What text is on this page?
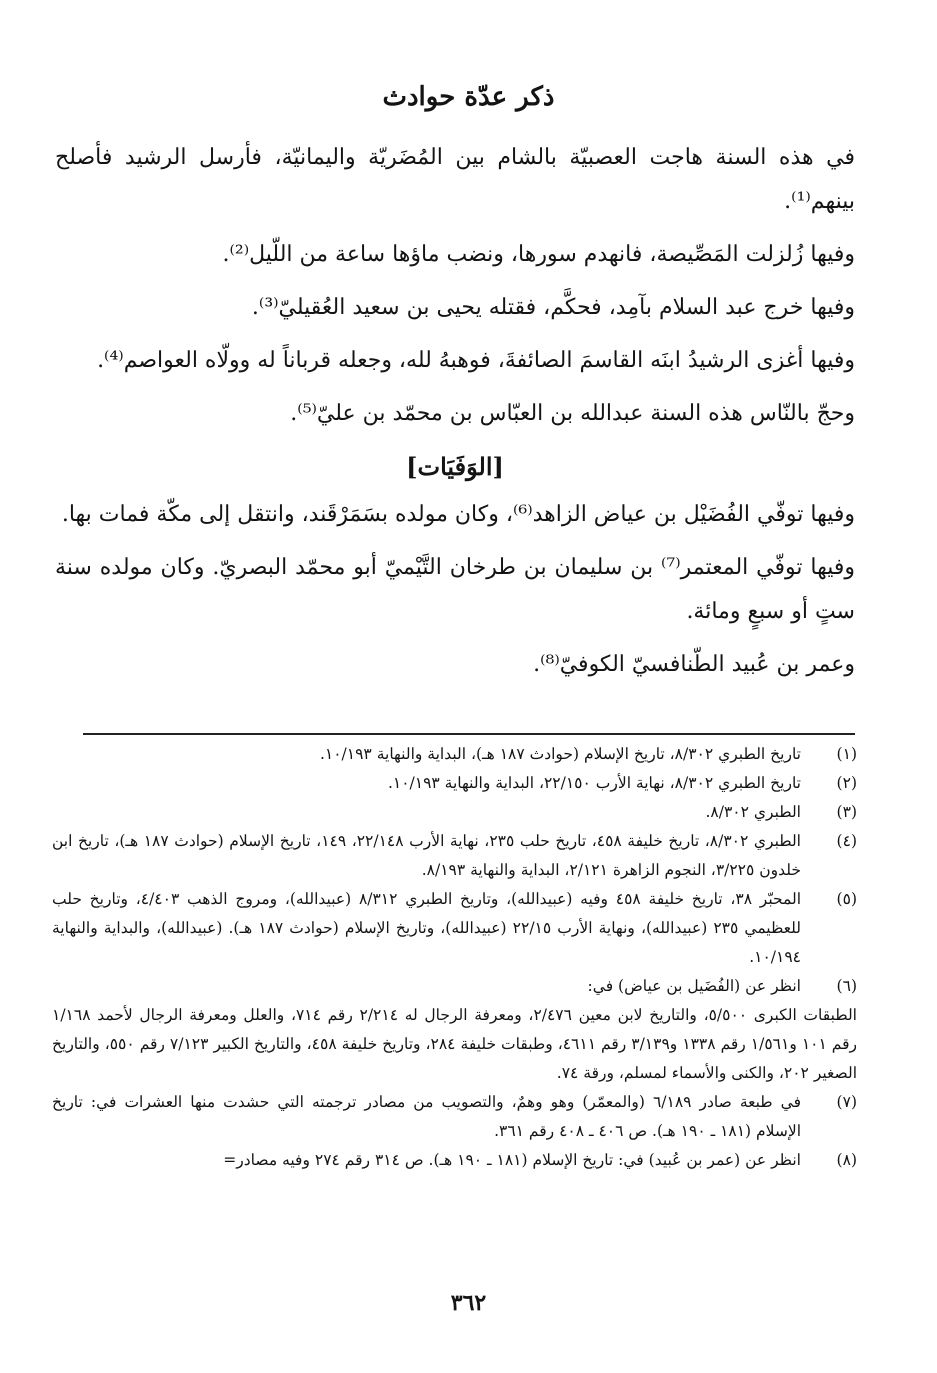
ذكر عدّة حوادث

في هذه السنة هاجت العصبيّة بالشام بين المُضَريّة واليمانيّة، فأرسل الرشيد فأصلح بينهم⁽¹⁾.

وفيها زُلزلت المَصِّيصة، فانهدم سورها، ونضب ماؤها ساعة من اللّيل⁽²⁾.

وفيها خرج عبد السلام بآمِد، فحكَّم، فقتله يحيى بن سعيد العُقيليّ⁽³⁾.

وفيها أغزى الرشيدُ ابنَه القاسمَ الصائفةَ، فوهبهُ لله، وجعله قرباناً له وولّاه العواصم⁽⁴⁾.

وحجّ بالنّاس هذه السنة عبدالله بن العبّاس بن محمّد بن عليّ⁽⁵⁾.

[الوَفَيَات]

وفيها توفّي الفُضَيْل بن عياض الزاهد⁽⁶⁾، وكان مولده بسَمَرْقَند، وانتقل إلى مكّة فمات بها.

وفيها توفّي المعتمر⁽⁷⁾ بن سليمان بن طرخان التَّيْميّ أبو محمّد البصريّ. وكان مولده سنة ستٍ أو سبعٍ ومائة.

وعمر بن عُبيد الطّنافسيّ الكوفيّ⁽⁸⁾.

(١)
تاريخ الطبري ٨/٣٠٢، تاريخ الإسلام (حوادث ١٨٧ هـ)، البداية والنهاية ١٠/١٩٣.
(٢)
تاريخ الطبري ٨/٣٠٢، نهاية الأرب ٢٢/١٥٠، البداية والنهاية ١٠/١٩٣.
(٣)
الطبري ٨/٣٠٢.
(٤)
الطبري ٨/٣٠٢، تاريخ خليفة ٤٥٨، تاريخ حلب ٢٣٥، نهاية الأرب ٢٢/١٤٨، ١٤٩، تاريخ الإسلام (حوادث ١٨٧ هـ)، تاريخ ابن خلدون ٣/٢٢٥، النجوم الزاهرة ٢/١٢١، البداية والنهاية ٨/١٩٣.
(٥)
المحبّر ٣٨، تاريخ خليفة ٤٥٨ وفيه (عبيدالله)، وتاريخ الطبري ٨/٣١٢ (عبيدالله)، ومروج الذهب ٤/٤٠٣، وتاريخ حلب للعظيمي ٢٣٥ (عبيدالله)، ونهاية الأرب ٢٢/١٥ (عبيدالله)، وتاريخ الإسلام (حوادث ١٨٧ هـ). (عبيدالله)، والبداية والنهاية ١٠/١٩٤.
(٦)
انظر عن (الفُضَيل بن عياض) في:

الطبقات الكبرى ٥/٥٠٠، والتاريخ لابن معين ٢/٤٧٦، ومعرفة الرجال له ٢/٢١٤ رقم ٧١٤، والعلل ومعرفة الرجال لأحمد ١/١٦٨ رقم ١٠١ و١/٥٦١ رقم ١٣٣٨ و٣/١٣٩ رقم ٤٦١١، وطبقات خليفة ٢٨٤، وتاريخ خليفة ٤٥٨، والتاريخ الكبير ٧/١٢٣ رقم ٥٥٠، والتاريخ الصغير ٢٠٢، والكنى والأسماء لمسلم، ورقة ٧٤.

(٧)
في طبعة صادر ٦/١٨٩ (والمعمّر) وهو وهمٌ، والتصويب من مصادر ترجمته التي حشدت منها العشرات في: تاريخ الإسلام (١٨١ ـ ١٩٠ هـ). ص ٤٠٦ ـ ٤٠٨ رقم ٣٦١.
(٨)
انظر عن (عمر بن عُبيد) في: تاريخ الإسلام (١٨١ ـ ١٩٠ هـ). ص ٣١٤ رقم ٢٧٤ وفيه مصادر=
٣٦٢
